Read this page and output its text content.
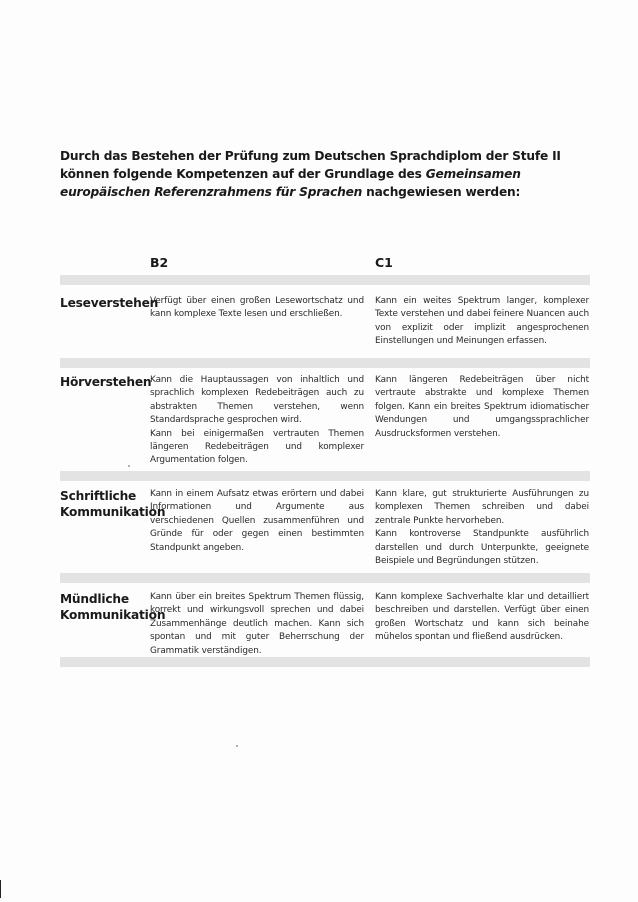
Durch das Bestehen der Prüfung zum Deutschen Sprachdiplom der Stufe II können folgende Kompetenzen auf der Grundlage des Gemeinsamen europäischen Referenzrahmens für Sprachen nachgewiesen werden:
B2	C1
Leseverstehen

Verfügt über einen großen Lesewortschatz und kann komplexe Texte lesen und erschließen.

Kann ein weites Spektrum langer, komplexer Texte verstehen und dabei feinere Nuancen auch von explizit oder implizit angesprochenen Einstellungen und Meinungen erfassen.

Hörverstehen

Kann die Hauptaussagen von inhaltlich und sprachlich komplexen Redebeiträgen auch zu abstrakten Themen verstehen, wenn Standardsprache gesprochen wird.

Kann bei einigermaßen vertrauten Themen längeren Redebeiträgen und komplexer Argumentation folgen.

Kann längeren Redebeiträgen über nicht vertraute abstrakte und komplexe Themen folgen. Kann ein breites Spektrum idiomatischer Wendungen und umgangssprachlicher Ausdrucksformen verstehen.

Schriftliche
Kommunikation

Kann in einem Aufsatz etwas erörtern und dabei Informationen und Argumente aus verschiedenen Quellen zusammenführen und Gründe für oder gegen einen bestimmten Standpunkt angeben.

Kann klare, gut strukturierte Ausführungen zu komplexen Themen schreiben und dabei zentrale Punkte hervorheben.

Kann kontroverse Standpunkte ausführlich darstellen und durch Unterpunkte, geeignete Beispiele und Begründungen stützen.

Mündliche
Kommunikation

Kann über ein breites Spektrum Themen flüssig, korrekt und wirkungsvoll sprechen und dabei Zusammenhänge deutlich machen. Kann sich spontan und mit guter Beherrschung der Grammatik verständigen.

Kann komplexe Sachverhalte klar und detailliert beschreiben und darstellen. Verfügt über einen großen Wortschatz und kann sich beinahe mühelos spontan und fließend ausdrücken.
